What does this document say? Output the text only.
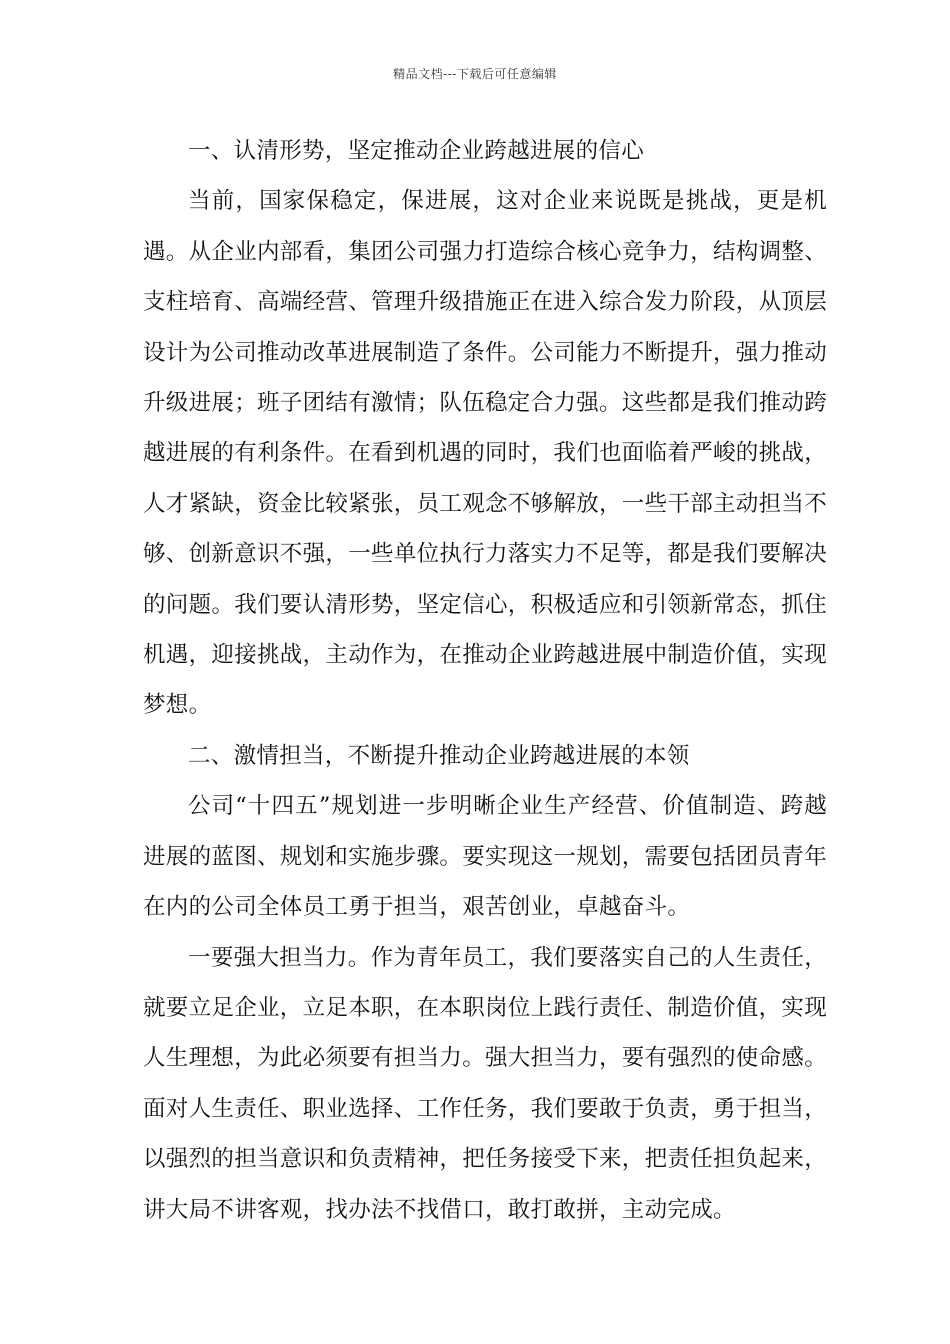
精品文档---下载后可任意编辑

一、认清形势，坚定推动企业跨越进展的信心

当前，国家保稳定，保进展，这对企业来说既是挑战，更是机遇。从企业内部看，集团公司强力打造综合核心竞争力，结构调整、支柱培育、高端经营、管理升级措施正在进入综合发力阶段，从顶层设计为公司推动改革进展制造了条件。公司能力不断提升，强力推动升级进展；班子团结有激情；队伍稳定合力强。这些都是我们推动跨越进展的有利条件。在看到机遇的同时，我们也面临着严峻的挑战，人才紧缺，资金比较紧张，员工观念不够解放，一些干部主动担当不够、创新意识不强，一些单位执行力落实力不足等，都是我们要解决的问题。我们要认清形势，坚定信心，积极适应和引领新常态，抓住机遇，迎接挑战，主动作为，在推动企业跨越进展中制造价值，实现梦想。

二、激情担当，不断提升推动企业跨越进展的本领

公司“十四五”规划进一步明晰企业生产经营、价值制造、跨越进展的蓝图、规划和实施步骤。要实现这一规划，需要包括团员青年在内的公司全体员工勇于担当，艰苦创业，卓越奋斗。

一要强大担当力。作为青年员工，我们要落实自己的人生责任，就要立足企业，立足本职，在本职岗位上践行责任、制造价值，实现人生理想，为此必须要有担当力。强大担当力，要有强烈的使命感。面对人生责任、职业选择、工作任务，我们要敢于负责，勇于担当，以强烈的担当意识和负责精神，把任务接受下来，把责任担负起来，讲大局不讲客观，找办法不找借口，敢打敢拼，主动完成。
